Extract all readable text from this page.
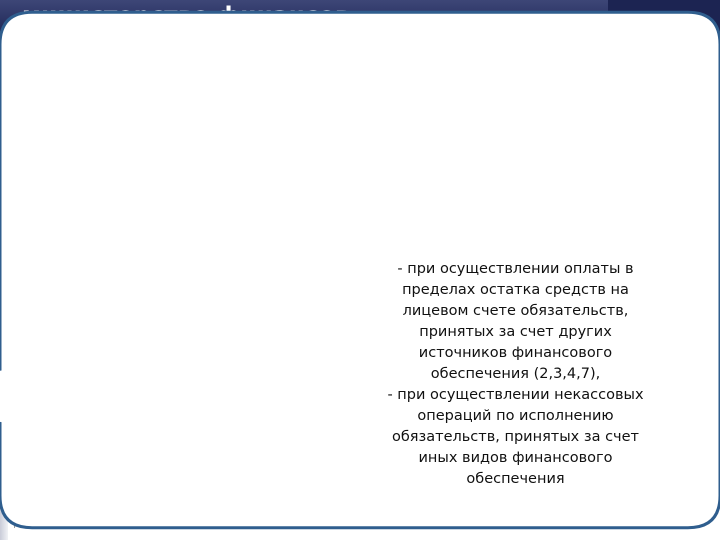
- при осуществлении оплаты в
пределах остатка средств на
лицевом счете обязательств,
принятых за счет других
источников финансового
обеспечения (2,3,4,7),
- при осуществлении некассовых
операций по исполнению
обязательств, принятых за счет
иных видов финансового
обеспечения
